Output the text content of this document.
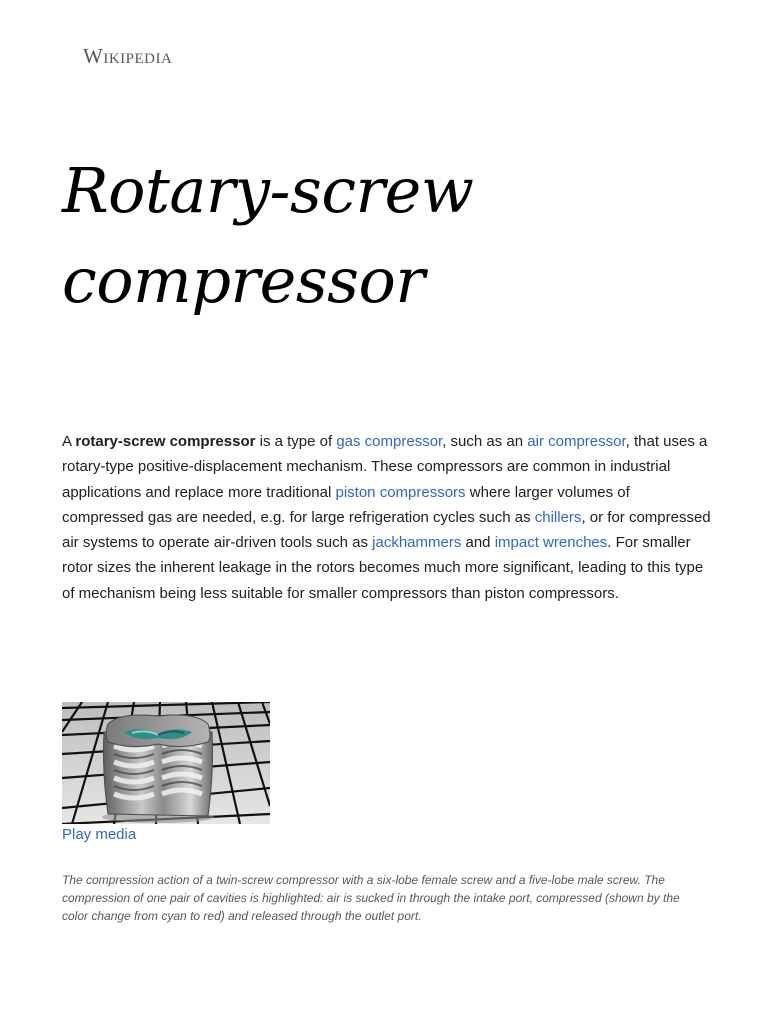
Wikipedia
Rotary-screw compressor

A rotary-screw compressor is a type of gas compressor, such as an air compressor, that uses a rotary-type positive-displacement mechanism. These compressors are common in industrial applications and replace more traditional piston compressors where larger volumes of compressed gas are needed, e.g. for large refrigeration cycles such as chillers, or for compressed air systems to operate air-driven tools such as jackhammers and impact wrenches. For smaller rotor sizes the inherent leakage in the rotors becomes much more significant, leading to this type of mechanism being less suitable for smaller compressors than piston compressors.

Play media

The compression action of a twin-screw compressor with a six-lobe female screw and a five-lobe male screw. The compression of one pair of cavities is highlighted: air is sucked in through the intake port, compressed (shown by the color change from cyan to red) and released through the outlet port.
